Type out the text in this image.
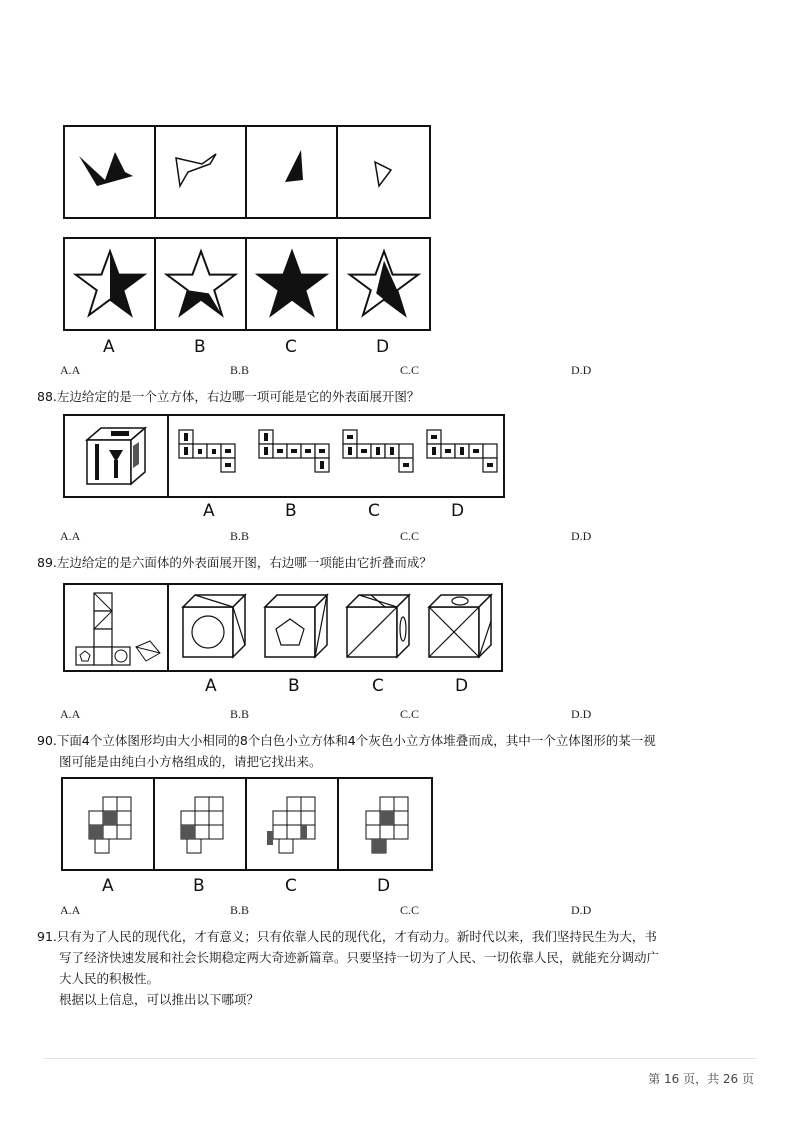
A	B	C	D
A.A	B.B	C.C	D.D
88.左边给定的是一个立方体，右边哪一项可能是它的外表面展开图？
A	B	C	D
A.A	B.B	C.C	D.D
89.左边给定的是六面体的外表面展开图，右边哪一项能由它折叠而成？
A	B	C	D
A.A	B.B	C.C	D.D
90.下面4个立体图形均由大小相同的8个白色小立方体和4个灰色小立方体堆叠而成，其中一个立体图形的某一视
图可能是由纯白小方格组成的，请把它找出来。
A	B	C	D
A.A	B.B	C.C	D.D
91.只有为了人民的现代化，才有意义；只有依靠人民的现代化，才有动力。新时代以来，我们坚持民生为大，书
写了经济快速发展和社会长期稳定两大奇迹新篇章。只要坚持一切为了人民、一切依靠人民，就能充分调动广
大人民的积极性。
根据以上信息，可以推出以下哪项？
第 16 页，共 26 页
